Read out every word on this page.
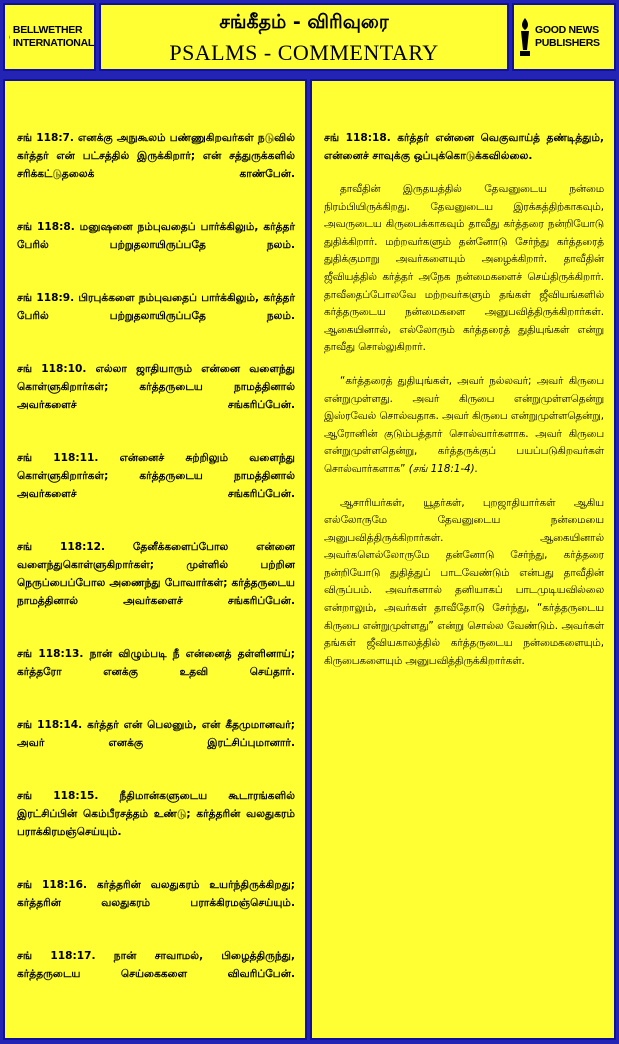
BELLWETHER
INTERNATIONAL
சங்கீதம் - விரிவுரை
PSALMS - COMMENTARY
GOOD NEWS
PUBLISHERS

சங் 118:7. எனக்கு அநுகூலம் பண்ணுகிறவர்கள் நடுவில் கர்த்தர் என் பட்சத்தில் இருக்கிறார்; என் சத்துருக்களில் சரிக்கட்டுதலைக் காண்பேன்.

சங் 118:8. மனுஷனை நம்புவதைப் பார்க்கிலும், கர்த்தர் பேரில் பற்றுதலாயிருப்பதே நலம்.

சங் 118:9. பிரபுக்களை நம்புவதைப் பார்க்கிலும், கர்த்தர் பேரில் பற்றுதலாயிருப்பதே நலம்.

சங் 118:10. எல்லா ஜாதியாரும் என்னை வளைந்து கொள்ளுகிறார்கள்; கர்த்தருடைய நாமத்தினால் அவர்களைச் சங்கரிப்பேன்.

சங் 118:11. என்னைச் சுற்றிலும் வளைந்து கொள்ளுகிறார்கள்; கர்த்தருடைய நாமத்தினால் அவர்களைச் சங்கரிப்பேன்.

சங் 118:12. தேனீக்களைப்போல என்னை வளைந்துகொள்ளுகிறார்கள்; முள்ளில் பற்றின நெருப்பைப்போல அணைந்து போவார்கள்; கர்த்தருடைய நாமத்தினால் அவர்களைச் சங்கரிப்பேன்.

சங் 118:13. நான் விழும்படி நீ என்னைத் தள்ளினாய்; கர்த்தரோ எனக்கு உதவி செய்தார்.

சங் 118:14. கர்த்தர் என் பெலனும், என் கீதமுமானவர்; அவர் எனக்கு இரட்சிப்புமானார்.

சங் 118:15. நீதிமான்களுடைய கூடாரங்களில் இரட்சிப்பின் கெம்பீரசத்தம் உண்டு; கர்த்தரின் வலதுகரம் பராக்கிரமஞ்செய்யும்.

சங் 118:16. கர்த்தரின் வலதுகரம் உயர்ந்திருக்கிறது; கர்த்தரின் வலதுகரம் பராக்கிரமஞ்செய்யும்.

சங் 118:17. நான் சாவாமல், பிழைத்திருந்து, கர்த்தருடைய செய்கைகளை விவரிப்பேன்.

சங் 118:18. கர்த்தர் என்னை வெகுவாய்த் தண்டித்தும், என்னைச் சாவுக்கு ஒப்புக்கொடுக்கவில்லை.

தாவீதின் இருதயத்தில் தேவனுடைய நன்மை நிரம்பியிருக்கிறது. தேவனுடைய இரக்கத்திற்காகவும், அவருடைய கிருபைக்காகவும் தாவீது கர்த்தரை நன்றியோடு துதிக்கிறார். மற்றவர்களும் தன்னோடு சேர்ந்து கர்த்தரைத் துதிக்குமாறு அவர்களையும் அழைக்கிறார். தாவீதின் ஜீவியத்தில் கர்த்தர் அநேக நன்மைகளைச் செய்திருக்கிறார். தாவீதைப்போலவே மற்றவர்களும் தங்கள் ஜீவியங்களில் கர்த்தருடைய நன்மைகளை அனுபவித்திருக்கிறார்கள். ஆகையினால், எல்லோரும் கர்த்தரைத் துதியுங்கள் என்று தாவீது சொல்லுகிறார்.

“கர்த்தரைத் துதியுங்கள், அவர் நல்லவர்; அவர் கிருபை என்றுமுள்ளது. அவர் கிருபை என்றுமுள்ளதென்று இஸ்ரவேல் சொல்வதாக. அவர் கிருபை என்றுமுள்ளதென்று, ஆரோனின் குடும்பத்தார் சொல்வார்களாக. அவர் கிருபை என்றுமுள்ளதென்று, கர்த்தருக்குப் பயப்படுகிறவர்கள் சொல்வார்களாக” (சங் 118:1-4).

ஆசாரியர்கள், யூதர்கள், புறஜாதியார்கள் ஆகிய எல்லோருமே தேவனுடைய நன்மையை அனுபவித்திருக்கிறார்கள். ஆகையினால் அவர்களெல்லோருமே தன்னோடு சேர்ந்து, கர்த்தரை நன்றியோடு துதித்துப் பாடவேண்டும் என்பது தாவீதின் விருப்பம். அவர்களால் தனியாகப் பாடமுடியவில்லை என்றாலும், அவர்கள் தாவீதோடு சேர்ந்து, “கர்த்தருடைய கிருபை என்றுமுள்ளது” என்று சொல்ல வேண்டும். அவர்கள் தங்கள் ஜீவியகாலத்தில் கர்த்தருடைய நன்மைகளையும், கிருபைகளையும் அனுபவித்திருக்கிறார்கள்.
